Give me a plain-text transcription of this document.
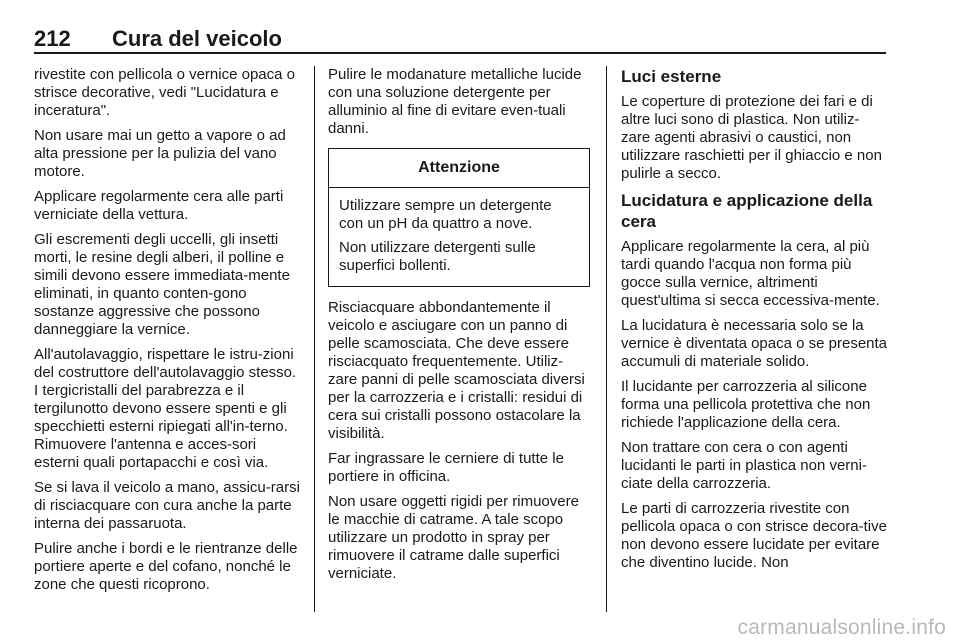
212 Cura del veicolo

rivestite con pellicola o vernice opaca o strisce decorative, vedi "Lucidatura e inceratura".

Non usare mai un getto a vapore o ad alta pressione per la pulizia del vano motore.

Applicare regolarmente cera alle parti verniciate della vettura.

Gli escrementi degli uccelli, gli insetti morti, le resine degli alberi, il polline e simili devono essere immediata-mente eliminati, in quanto conten-gono sostanze aggressive che possono danneggiare la vernice.

All'autolavaggio, rispettare le istru-zioni del costruttore dell'autolavaggio stesso. I tergicristalli del parabrezza e il tergilunotto devono essere spenti e gli specchietti esterni ripiegati all'in-terno. Rimuovere l'antenna e acces-sori esterni quali portapacchi e così via.

Se si lava il veicolo a mano, assicu-rarsi di risciacquare con cura anche la parte interna dei passaruota.

Pulire anche i bordi e le rientranze delle portiere aperte e del cofano, nonché le zone che questi ricoprono.

Pulire le modanature metalliche lucide con una soluzione detergente per alluminio al fine di evitare even-tuali danni.

Attenzione

Utilizzare sempre un detergente con un pH da quattro a nove.

Non utilizzare detergenti sulle superfici bollenti.

Risciacquare abbondantemente il veicolo e asciugare con un panno di pelle scamosciata. Che deve essere risciacquato frequentemente. Utiliz-zare panni di pelle scamosciata diversi per la carrozzeria e i cristalli: residui di cera sui cristalli possono ostacolare la visibilità.

Far ingrassare le cerniere di tutte le portiere in officina.

Non usare oggetti rigidi per rimuovere le macchie di catrame. A tale scopo utilizzare un prodotto in spray per rimuovere il catrame dalle superfici verniciate.

Luci esterne

Le coperture di protezione dei fari e di altre luci sono di plastica. Non utiliz-zare agenti abrasivi o caustici, non utilizzare raschietti per il ghiaccio e non pulirle a secco.

Lucidatura e applicazione della cera

Applicare regolarmente la cera, al più tardi quando l'acqua non forma più gocce sulla vernice, altrimenti quest'ultima si secca eccessiva-mente.

La lucidatura è necessaria solo se la vernice è diventata opaca o se presenta accumuli di materiale solido.

Il lucidante per carrozzeria al silicone forma una pellicola protettiva che non richiede l'applicazione della cera.

Non trattare con cera o con agenti lucidanti le parti in plastica non verni-ciate della carrozzeria.

Le parti di carrozzeria rivestite con pellicola opaca o con strisce decora-tive non devono essere lucidate per evitare che diventino lucide. Non

carmanualsonline.info
